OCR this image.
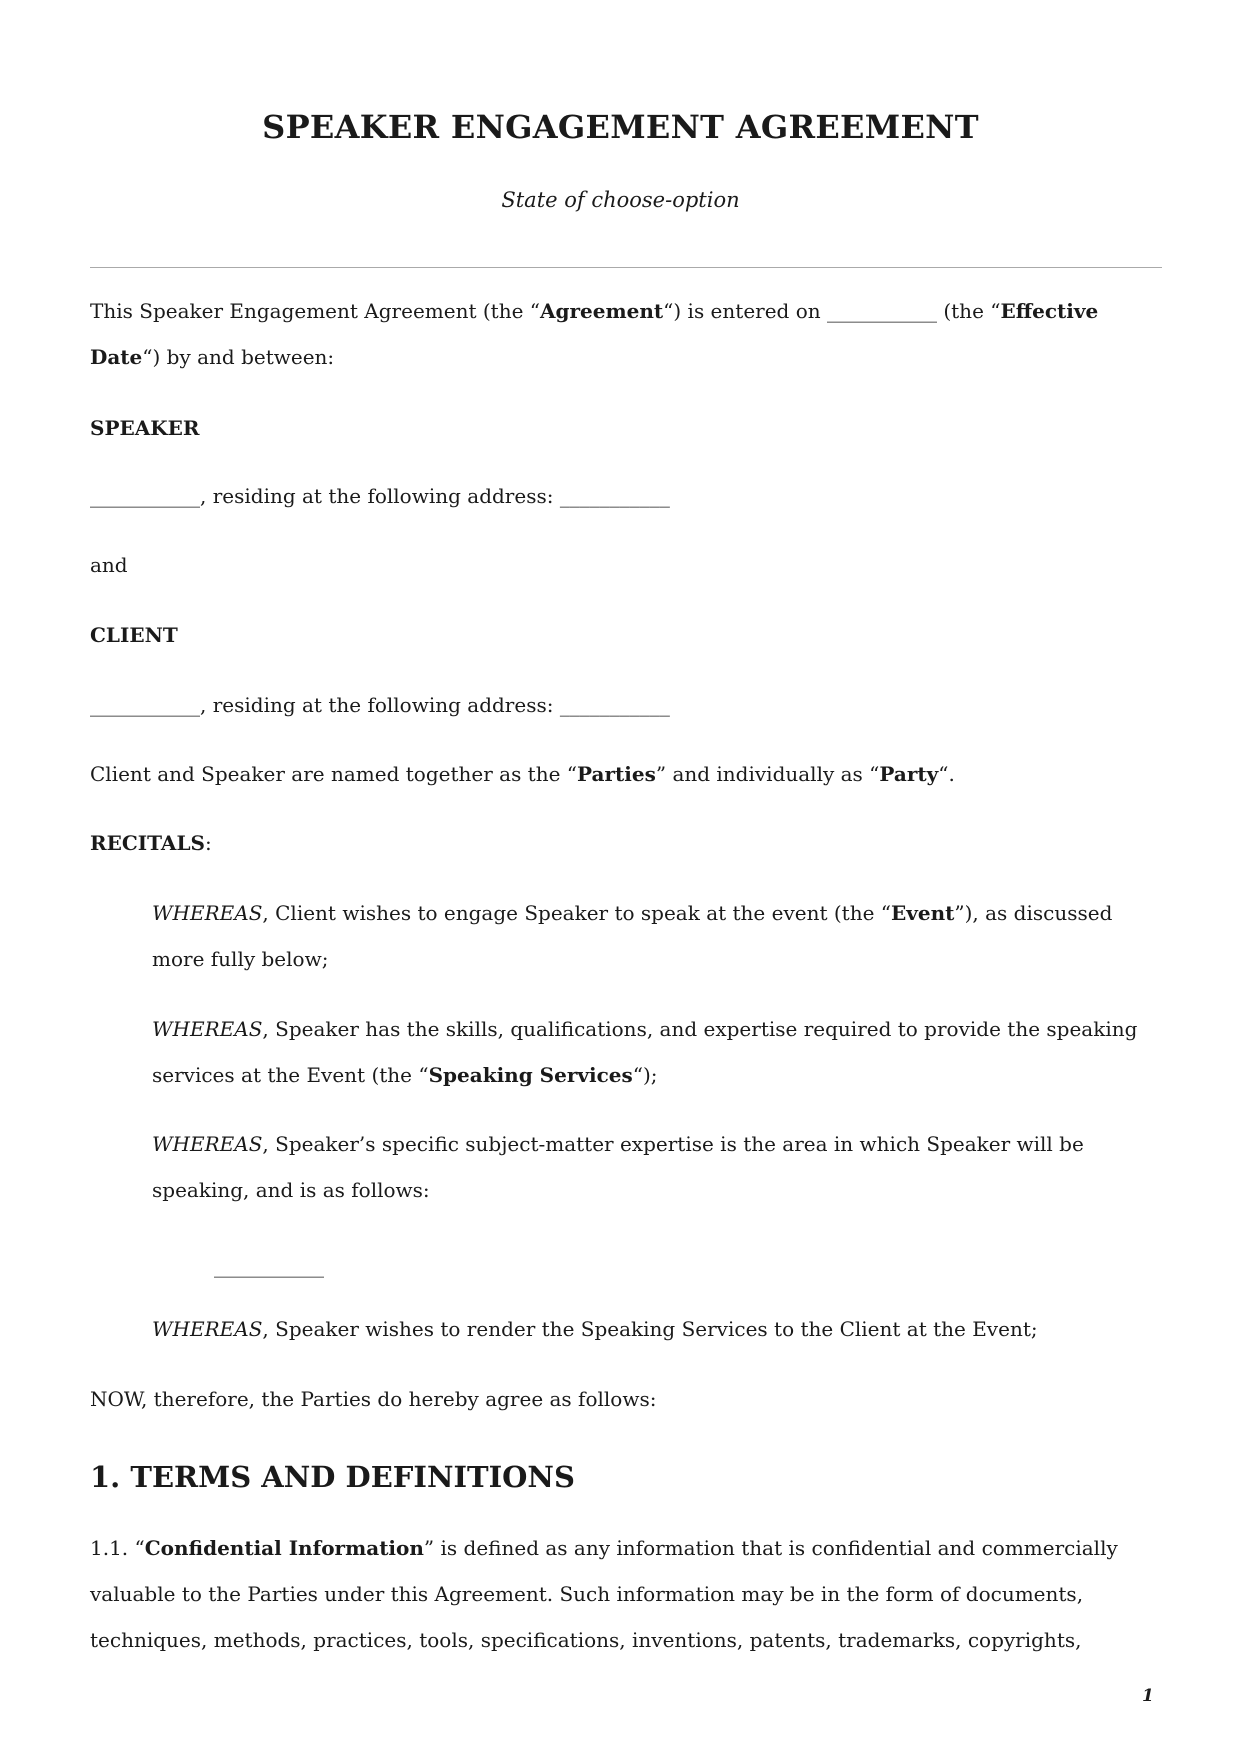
SPEAKER ENGAGEMENT AGREEMENT
State of choose-option
This Speaker Engagement Agreement (the “Agreement“) is entered on ___________ (the “Effective Date“) by and between:
SPEAKER
___________, residing at the following address: ___________
and
CLIENT
___________, residing at the following address: ___________
Client and Speaker are named together as the “Parties” and individually as “Party“.
RECITALS:
WHEREAS, Client wishes to engage Speaker to speak at the event (the “Event”), as discussed more fully below;
WHEREAS, Speaker has the skills, qualifications, and expertise required to provide the speaking services at the Event (the “Speaking Services“);
WHEREAS, Speaker’s specific subject-matter expertise is the area in which Speaker will be speaking, and is as follows:
___________
WHEREAS, Speaker wishes to render the Speaking Services to the Client at the Event;
NOW, therefore, the Parties do hereby agree as follows:
1. TERMS AND DEFINITIONS
1.1. “Confidential Information” is defined as any information that is confidential and commercially valuable to the Parties under this Agreement. Such information may be in the form of documents, techniques, methods, practices, tools, specifications, inventions, patents, trademarks, copyrights,
1
